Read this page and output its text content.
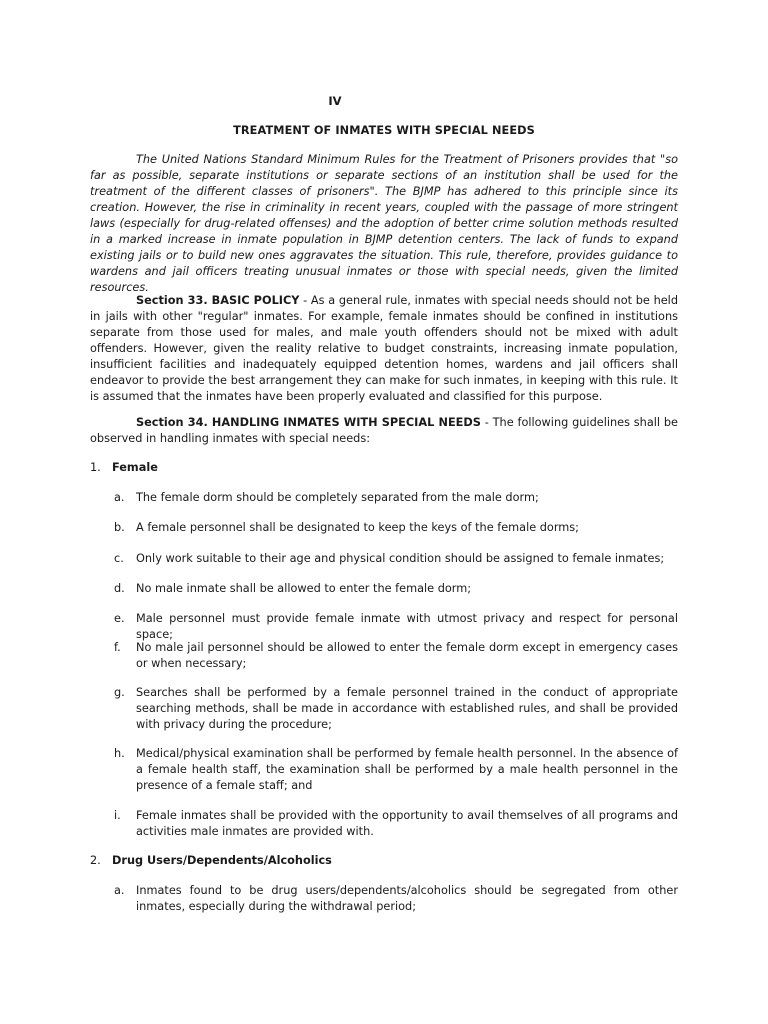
IV
TREATMENT OF INMATES WITH SPECIAL NEEDS

The United Nations Standard Minimum Rules for the Treatment of Prisoners provides that "so far as possible, separate institutions or separate sections of an institution shall be used for the treatment of the different classes of prisoners". The BJMP has adhered to this principle since its creation. However, the rise in criminality in recent years, coupled with the passage of more stringent laws (especially for drug-related offenses) and the adoption of better crime solution methods resulted in a marked increase in inmate population in BJMP detention centers. The lack of funds to expand existing jails or to build new ones aggravates the situation. This rule, therefore, provides guidance to wardens and jail officers treating unusual inmates or those with special needs, given the limited resources.

Section 33. BASIC POLICY - As a general rule, inmates with special needs should not be held in jails with other "regular" inmates. For example, female inmates should be confined in institutions separate from those used for males, and male youth offenders should not be mixed with adult offenders. However, given the reality relative to budget constraints, increasing inmate population, insufficient facilities and inadequately equipped detention homes, wardens and jail officers shall endeavor to provide the best arrangement they can make for such inmates, in keeping with this rule. It is assumed that the inmates have been properly evaluated and classified for this purpose.

Section 34. HANDLING INMATES WITH SPECIAL NEEDS - The following guidelines shall be observed in handling inmates with special needs:

1. Female
a.	The female dorm should be completely separated from the male dorm;
b. A female personnel shall be designated to keep the keys of the female dorms;
c.	Only work suitable to their age and physical condition should be assigned to female inmates;
d. No male inmate shall be allowed to enter the female dorm;
e.	Male personnel must provide female inmate with utmost privacy and respect for personal space;
f.	No male jail personnel should be allowed to enter the female dorm except in emergency cases or when necessary;
g. Searches shall be performed by a female personnel trained in the conduct of appropriate searching methods, shall be made in accordance with established rules, and shall be provided with privacy during the procedure;
h. Medical/physical examination shall be performed by female health personnel. In the absence of a female health staff, the examination shall be performed by a male health personnel in the presence of a female staff; and
i.	Female inmates shall be provided with the opportunity to avail themselves of all programs and activities male inmates are provided with.
2. Drug Users/Dependents/Alcoholics
a.	Inmates found to be drug users/dependents/alcoholics should be segregated from other inmates, especially during the withdrawal period;
